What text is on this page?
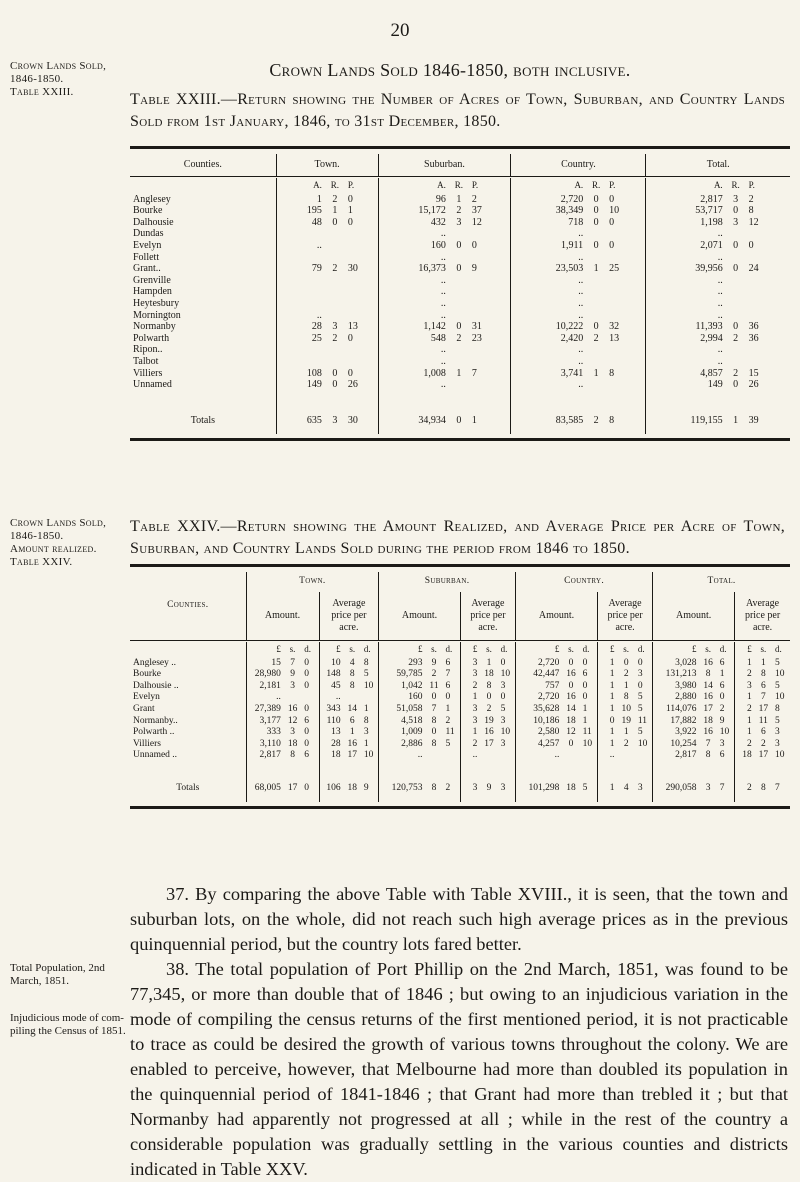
20
Crown Lands Sold,
1846-1850.
Table XXIII.
Crown Lands Sold 1846-1850, both inclusive.
Table XXIII.—Return showing the Number of Acres of Town, Suburban, and Country Lands Sold from 1st January, 1846, to 31st December, 1850.

Counties.	Town.			Suburban.			Country.			Total.		

	A.	R.	P.	A.	R.	P.	A.	R.	P.	A.	R.	P.
Anglesey	1	2	0	96	1	2	2,720	0	0	2,817	3	2
Bourke	195	1	1	15,172	2	37	38,349	0	10	53,717	0	8
Dalhousie	48	0	0	432	3	12	718	0	0	1,198	3	12
Dundas				..			..			..		
Evelyn	..			160	0	0	1,911	0	0	2,071	0	0
Follett				..			..			..		
Grant..	79	2	30	16,373	0	9	23,503	1	25	39,956	0	24
Grenville				..			..			..		
Hampden				..			..			..		
Heytesbury				..			..			..		
Mornington	..			..			..			..		
Normanby	28	3	13	1,142	0	31	10,222	0	32	11,393	0	36
Polwarth	25	2	0	548	2	23	2,420	2	13	2,994	2	36
Ripon..				..			..			..		
Talbot				..			..			..		
Villiers	108	0	0	1,008	1	7	3,741	1	8	4,857	2	15
Unnamed	149	0	26	..			..			149	0	26

Totals	635	3	30	34,934	0	1	83,585	2	8	119,155	1	39

Crown Lands Sold,
1846-1850.
Amount realized.
Table XXIV.
Table XXIV.—Return showing the Amount Realized, and Average Price per Acre of Town, Suburban, and Country Lands Sold during the period from 1846 to 1850.

Counties.	Town.						Suburban.						Country.						Total.					
	Amount.			Average price per acre.			Amount.			Average price per acre.			Amount.			Average price per acre.			Amount.			Average price per acre.		

	£	s.	d.	£	s.	d.	£	s.	d.	£	s.	d.	£	s.	d.	£	s.	d.	£	s.	d.	£	s.	d.
Anglesey ..	15	7	0	10	4	8	293	9	6	3	1	0	2,720	0	0	1	0	0	3,028	16	6	1	1	5
Bourke	28,980	9	0	148	8	5	59,785	2	7	3	18	10	42,447	16	6	1	2	3	131,213	8	1	2	8	10
Dalhousie ..	2,181	3	0	45	8	10	1,042	11	6	2	8	3	757	0	0	1	1	0	3,980	14	6	3	6	5
Evelyn	..			..			160	0	0	1	0	0	2,720	16	0	1	8	5	2,880	16	0	1	7	10
Grant	27,389	16	0	343	14	1	51,058	7	1	3	2	5	35,628	14	1	1	10	5	114,076	17	2	2	17	8
Normanby..	3,177	12	6	110	6	8	4,518	8	2	3	19	3	10,186	18	1	0	19	11	17,882	18	9	1	11	5
Polwarth ..	333	3	0	13	1	3	1,009	0	11	1	16	10	2,580	12	11	1	1	5	3,922	16	10	1	6	3
Villiers	3,110	18	0	28	16	1	2,886	8	5	2	17	3	4,257	0	10	1	2	10	10,254	7	3	2	2	3
Unnamed ..	2,817	8	6	18	17	10	..			..			..			..			2,817	8	6	18	17	10

Totals	68,005	17	0	106	18	9	120,753	8	2	3	9	3	101,298	18	5	1	4	3	290,058	3	7	2	8	7

Total Population, 2nd
March, 1851.
Injudicious mode of com-
piling the Census of 1851.
37. By comparing the above Table with Table XVIII., it is seen, that the town and suburban lots, on the whole, did not reach such high average prices as in the previous quinquennial period, but the country lots fared better.
38. The total population of Port Phillip on the 2nd March, 1851, was found to be 77,345, or more than double that of 1846 ; but owing to an injudicious variation in the mode of compiling the census returns of the first mentioned period, it is not practicable to trace as could be desired the growth of various towns throughout the colony. We are enabled to perceive, however, that Melbourne had more than doubled its population in the quinquennial period of 1841-1846 ; that Grant had more than trebled it ; but that Normanby had apparently not progressed at all ; while in the rest of the country a considerable population was gradually settling in the various counties and districts indicated in Table XXV.
